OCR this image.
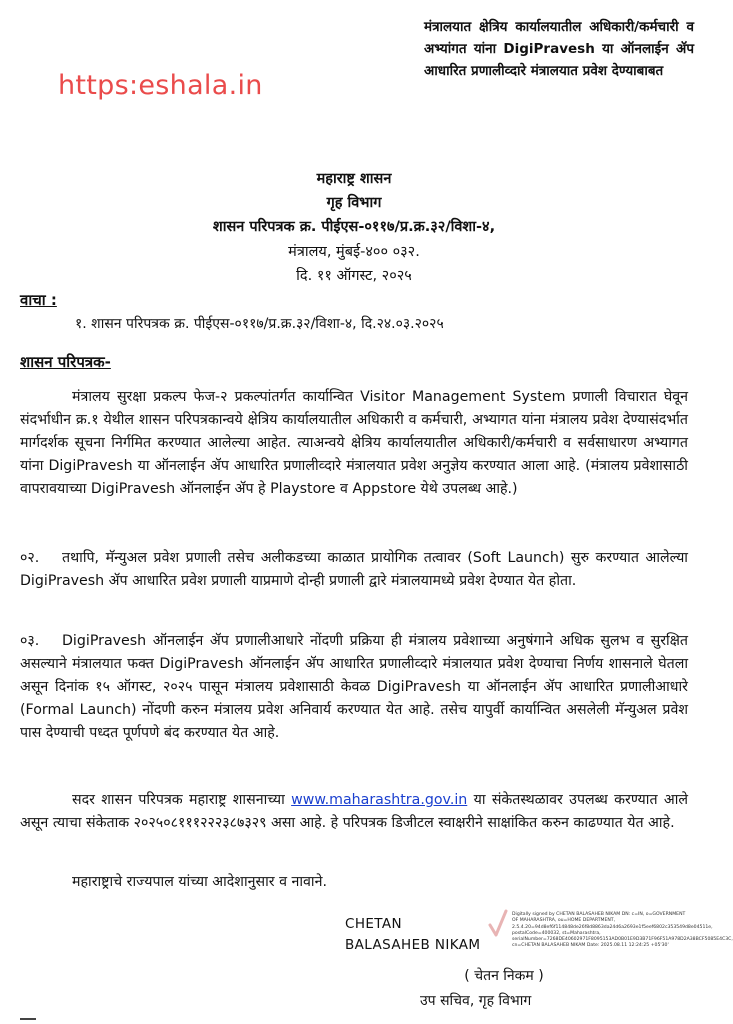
मंत्रालयात क्षेत्रिय कार्यालयातील अधिकारी/कर्मचारी व अभ्यांगत यांना DigiPravesh या ऑनलाईन ॲप आधारित प्रणालीव्दारे मंत्रालयात प्रवेश देण्याबाबत
https:eshala.in
महाराष्ट्र शासन
गृह विभाग
शासन परिपत्रक क्र. पीईएस-०११७/प्र.क्र.३२/विशा-४,
मंत्रालय, मुंबई-४०० ०३२.
दि. ११ ऑगस्ट, २०२५
वाचा :
१. शासन परिपत्रक क्र. पीईएस-०११७/प्र.क्र.३२/विशा-४, दि.२४.०३.२०२५
शासन परिपत्रक-
मंत्रालय सुरक्षा प्रकल्प फेज-२ प्रकल्पांतर्गत कार्यान्वित Visitor Management System प्रणाली विचारात घेवून संदर्भाधीन क्र.१ येथील शासन परिपत्रकान्वये क्षेत्रिय कार्यालयातील अधिकारी व कर्मचारी, अभ्यागत यांना मंत्रालय प्रवेश देण्यासंदर्भात मार्गदर्शक सूचना निर्गमित करण्यात आलेल्या आहेत. त्याअन्वये क्षेत्रिय कार्यालयातील अधिकारी/कर्मचारी व सर्वसाधारण अभ्यागत यांना DigiPravesh या ऑनलाईन ॲप आधारित प्रणालीव्दारे मंत्रालयात प्रवेश अनुज्ञेय करण्यात आला आहे. (मंत्रालय प्रवेशासाठी वापरावयाच्या DigiPravesh ऑनलाईन ॲप हे Playstore व Appstore येथे उपलब्ध आहे.)
०२. तथापि, मॅन्युअल प्रवेश प्रणाली तसेच अलीकडच्या काळात प्रायोगिक तत्वावर (Soft Launch) सुरु करण्यात आलेल्या DigiPravesh ॲप आधारित प्रवेश प्रणाली याप्रमाणे दोन्ही प्रणाली द्वारे मंत्रालयामध्ये प्रवेश देण्यात येत होता.
०३. DigiPravesh ऑनलाईन ॲप प्रणालीआधारे नोंदणी प्रक्रिया ही मंत्रालय प्रवेशाच्या अनुषंगाने अधिक सुलभ व सुरक्षित असल्याने मंत्रालयात फक्त DigiPravesh ऑनलाईन ॲप आधारित प्रणालीव्दारे मंत्रालयात प्रवेश देण्याचा निर्णय शासनाले घेतला असून दिनांक १५ ऑगस्ट, २०२५ पासून मंत्रालय प्रवेशासाठी केवळ DigiPravesh या ऑनलाईन ॲप आधारित प्रणालीआधारे (Formal Launch) नोंदणी करुन मंत्रालय प्रवेश अनिवार्य करण्यात येत आहे. तसेच यापुर्वी कार्यान्वित असलेली मॅन्युअल प्रवेश पास देण्याची पध्दत पूर्णपणे बंद करण्यात येत आहे.
सदर शासन परिपत्रक महाराष्ट्र शासनाच्या www.maharashtra.gov.in या संकेतस्थळावर उपलब्ध करण्यात आले असून त्याचा संकेताक २०२५०८१११२२२३८७३२९ असा आहे. हे परिपत्रक डिजीटल स्वाक्षरीने साक्षांकित करुन काढण्यात येत आहे.
महाराष्ट्राचे राज्यपाल यांच्या आदेशानुसार व नावाने.
CHETAN
BALASAHEB NIKAM
Digitally signed by CHETAN BALASAHEB NIKAM DN: c=IN, o=GOVERNMENT OF MAHARASHTRA, ou=HOME DEPARTMENT, 2.5.4.20=94d8ef6f114848de26f8d8863da24d6a2693e1f5eef6802c353549d8e04511e, postalCode=400032, st=Maharashtra, serialNumber=7268DE40602971F8095153AD0B01E9D3B71F96F51A978D2A38BCF5085E4C3C, cn=CHETAN BALASAHEB NIKAM Date: 2025.08.11 12:24:25 +05'30'
( चेतन निकम )
उप सचिव, गृह विभाग
